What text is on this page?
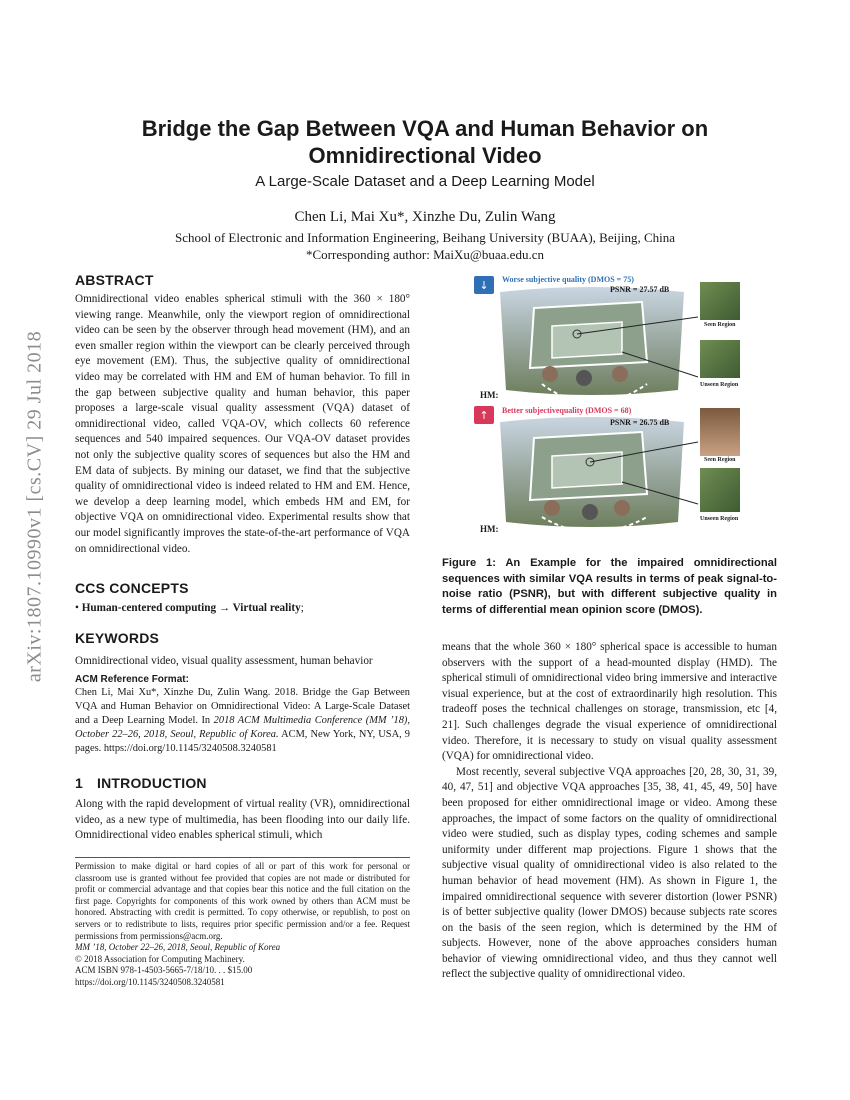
arXiv:1807.10990v1 [cs.CV] 29 Jul 2018
Bridge the Gap Between VQA and Human Behavior on
Omnidirectional Video
A Large-Scale Dataset and a Deep Learning Model
Chen Li, Mai Xu*, Xinzhe Du, Zulin Wang
School of Electronic and Information Engineering, Beihang University (BUAA), Beijing, China
*Corresponding author: MaiXu@buaa.edu.cn
ABSTRACT

Omnidirectional video enables spherical stimuli with the 360 × 180° viewing range. Meanwhile, only the viewport region of omnidirectional video can be seen by the observer through head movement (HM), and an even smaller region within the viewport can be clearly perceived through eye movement (EM). Thus, the subjective quality of omnidirectional video may be correlated with HM and EM of human behavior. To fill in the gap between subjective quality and human behavior, this paper proposes a large-scale visual quality assessment (VQA) dataset of omnidirectional video, called VQA-OV, which collects 60 reference sequences and 540 impaired sequences. Our VQA-OV dataset provides not only the subjective quality scores of sequences but also the HM and EM data of subjects. By mining our dataset, we find that the subjective quality of omnidirectional video is indeed related to HM and EM. Hence, we develop a deep learning model, which embeds HM and EM, for objective VQA on omnidirectional video. Experimental results show that our model significantly improves the state-of-the-art performance of VQA on omnidirectional video.

CCS CONCEPTS
• Human-centered computing → Virtual reality;
KEYWORDS

Omnidirectional video, visual quality assessment, human behavior

ACM Reference Format:

Chen Li, Mai Xu*, Xinzhe Du, Zulin Wang. 2018. Bridge the Gap Between VQA and Human Behavior on Omnidirectional Video: A Large-Scale Dataset and a Deep Learning Model. In 2018 ACM Multimedia Conference (MM ’18), October 22–26, 2018, Seoul, Republic of Korea. ACM, New York, NY, USA, 9 pages. https://doi.org/10.1145/3240508.3240581

1 INTRODUCTION

Along with the rapid development of virtual reality (VR), omnidirectional video, as a new type of multimedia, has been flooding into our daily life. Omnidirectional video enables spherical stimuli, which

Permission to make digital or hard copies of all or part of this work for personal or classroom use is granted without fee provided that copies are not made or distributed for profit or commercial advantage and that copies bear this notice and the full citation on the first page. Copyrights for components of this work owned by others than ACM must be honored. Abstracting with credit is permitted. To copy otherwise, or republish, to post on servers or to redistribute to lists, requires prior specific permission and/or a fee. Request permissions from permissions@acm.org.
MM ’18, October 22–26, 2018, Seoul, Republic of Korea
© 2018 Association for Computing Machinery.
ACM ISBN 978-1-4503-5665-7/18/10. . . $15.00
https://doi.org/10.1145/3240508.3240581
↓
↑
Worse subjective quality (DMOS = 75)
PSNR = 27.57 dB
Seen Region
Unseen Region
HM:
Better subjectivequality (DMOS = 68)
PSNR = 26.75 dB
Seen Region
Unseen Region
HM:
Figure 1: An Example for the impaired omnidirectional sequences with similar VQA results in terms of peak signal-to-noise ratio (PSNR), but with different subjective quality in terms of differential mean opinion score (DMOS).

means that the whole 360 × 180° spherical space is accessible to human observers with the support of a head-mounted display (HMD). The spherical stimuli of omnidirectional video bring immersive and interactive visual experience, but at the cost of extraordinarily high resolution. This tradeoff poses the technical challenges on storage, transmission, etc [4, 21]. Such challenges degrade the visual experience of omnidirectional video. Therefore, it is necessary to study on visual quality assessment (VQA) for omnidirectional video.

Most recently, several subjective VQA approaches [20, 28, 30, 31, 39, 40, 47, 51] and objective VQA approaches [35, 38, 41, 45, 49, 50] have been proposed for either omnidirectional image or video. Among these approaches, the impact of some factors on the quality of omnidirectional video were studied, such as display types, coding schemes and sample uniformity under different map projections. Figure 1 shows that the subjective visual quality of omnidirectional video is also related to the human behavior of head movement (HM). As shown in Figure 1, the impaired omnidirectional sequence with severer distortion (lower PSNR) is of better subjective quality (lower DMOS) because subjects rate scores on the basis of the seen region, which is determined by the HM of subjects. However, none of the above approaches considers human behavior of viewing omnidirectional video, and thus they cannot well reflect the subjective quality of omnidirectional video.
